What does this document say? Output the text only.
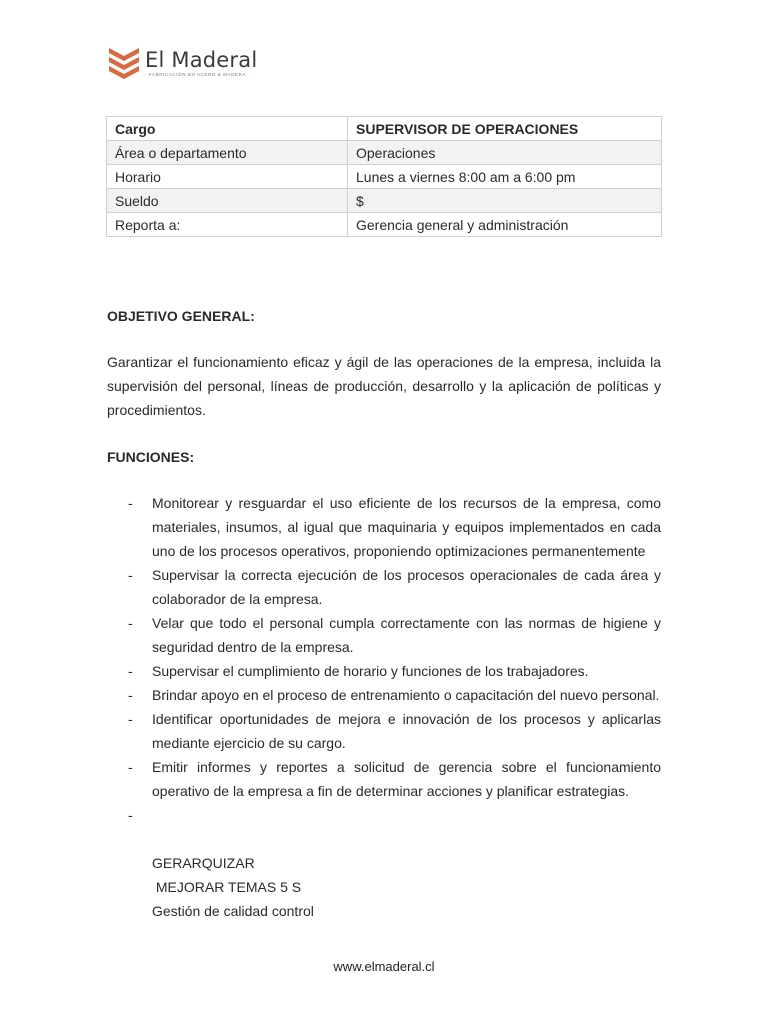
El Maderal
· FABRICACIÓN EN ACERO & MADERA ·
Cargo	SUPERVISOR DE OPERACIONES
Área o departamento	Operaciones
Horario	Lunes a viernes 8:00 am a 6:00 pm
Sueldo	$
Reporta a:	Gerencia general y administración
OBJETIVO GENERAL:
Garantizar el funcionamiento eficaz y ágil de las operaciones de la empresa, incluida la supervisión del personal, líneas de producción, desarrollo y la aplicación de políticas y procedimientos.
FUNCIONES:
- Monitorear y resguardar el uso eficiente de los recursos de la empresa, como materiales, insumos, al igual que maquinaria y equipos implementados en cada uno de los procesos operativos, proponiendo optimizaciones permanentemente
- Supervisar la correcta ejecución de los procesos operacionales de cada área y colaborador de la empresa.
- Velar que todo el personal cumpla correctamente con las normas de higiene y seguridad dentro de la empresa.
- Supervisar el cumplimiento de horario y funciones de los trabajadores.
- Brindar apoyo en el proceso de entrenamiento o capacitación del nuevo personal.
- Identificar oportunidades de mejora e innovación de los procesos y aplicarlas mediante ejercicio de su cargo.
- Emitir informes y reportes a solicitud de gerencia sobre el funcionamiento operativo de la empresa a fin de determinar acciones y planificar estrategias.
-
GERARQUIZAR
MEJORAR TEMAS 5 S
Gestión de calidad control
www.elmaderal.cl
